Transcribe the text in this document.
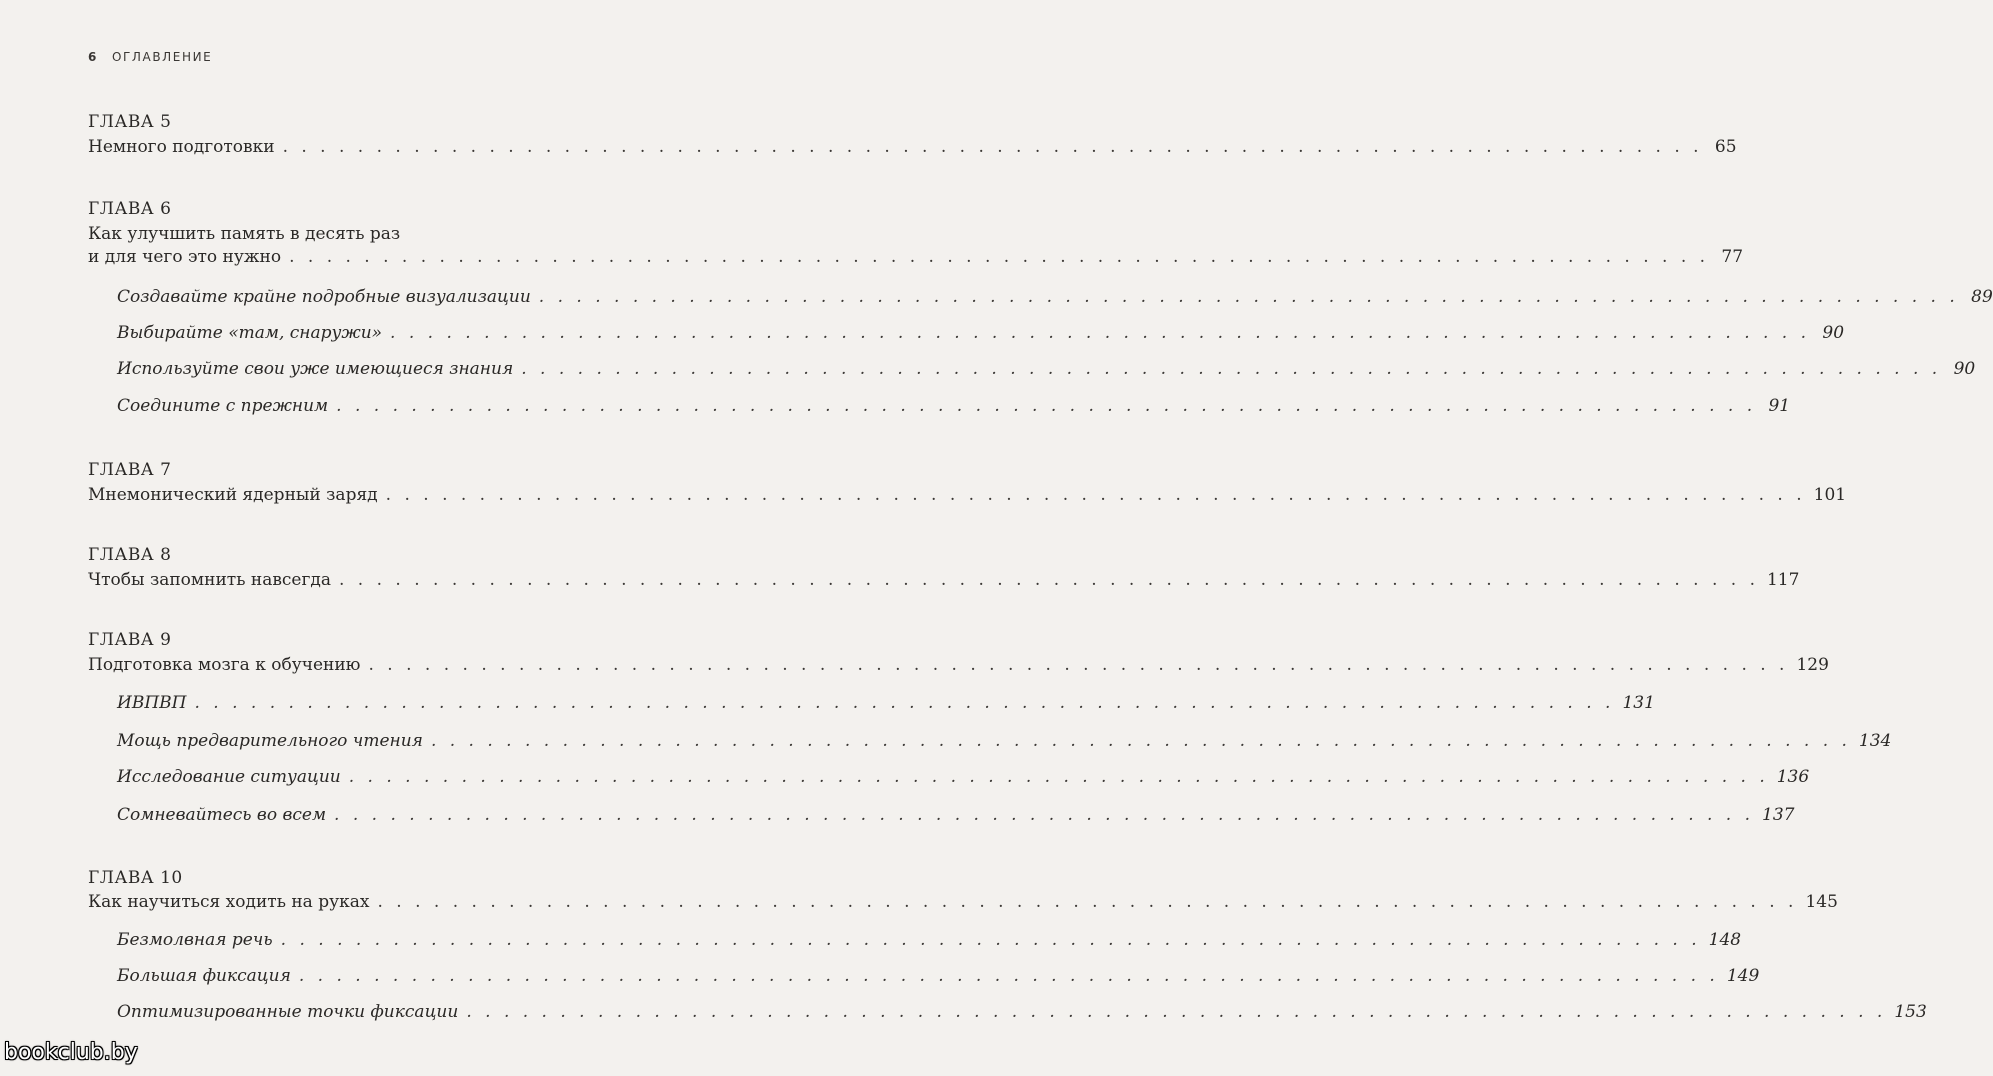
6 ОГЛАВЛЕНИЕ
ГЛАВА 5
Немного подготовки . . . . . . . . . . . . . . . . . . . . . . . . . . . . . . . . . . . . . . . . . . . . . . . . . . . . . . . . . . . . . . . . . . . . . . . . . . . . 65
ГЛАВА 6
Как улучшить память в десять раз
и для чего это нужно . . . . . . . . . . . . . . . . . . . . . . . . . . . . . . . . . . . . . . . . . . . . . . . . . . . . . . . . . . . . . . . . . . . . . . . . . . . . 77
Создавайте крайне подробные визуализации . . . . . . . . . . . . . . . . . . . . . . . . . . . . . . . . . . . . . . . . . . . . . . . . . . . . . . . . . . . . . . . . . . . . . . . . . . . . 89
Выбирайте «там, снаружи» . . . . . . . . . . . . . . . . . . . . . . . . . . . . . . . . . . . . . . . . . . . . . . . . . . . . . . . . . . . . . . . . . . . . . . . . . . . . 90
Используйте свои уже имеющиеся знания . . . . . . . . . . . . . . . . . . . . . . . . . . . . . . . . . . . . . . . . . . . . . . . . . . . . . . . . . . . . . . . . . . . . . . . . . . . . 90
Соедините с прежним . . . . . . . . . . . . . . . . . . . . . . . . . . . . . . . . . . . . . . . . . . . . . . . . . . . . . . . . . . . . . . . . . . . . . . . . . . . . 91
ГЛАВА 7
Мнемонический ядерный заряд . . . . . . . . . . . . . . . . . . . . . . . . . . . . . . . . . . . . . . . . . . . . . . . . . . . . . . . . . . . . . . . . . . . . . . . . . . . . 101
ГЛАВА 8
Чтобы запомнить навсегда . . . . . . . . . . . . . . . . . . . . . . . . . . . . . . . . . . . . . . . . . . . . . . . . . . . . . . . . . . . . . . . . . . . . . . . . . . . . 117
ГЛАВА 9
Подготовка мозга к обучению . . . . . . . . . . . . . . . . . . . . . . . . . . . . . . . . . . . . . . . . . . . . . . . . . . . . . . . . . . . . . . . . . . . . . . . . . . . . 129
ИВПВП . . . . . . . . . . . . . . . . . . . . . . . . . . . . . . . . . . . . . . . . . . . . . . . . . . . . . . . . . . . . . . . . . . . . . . . . . . . . 131
Мощь предварительного чтения . . . . . . . . . . . . . . . . . . . . . . . . . . . . . . . . . . . . . . . . . . . . . . . . . . . . . . . . . . . . . . . . . . . . . . . . . . . . 134
Исследование ситуации . . . . . . . . . . . . . . . . . . . . . . . . . . . . . . . . . . . . . . . . . . . . . . . . . . . . . . . . . . . . . . . . . . . . . . . . . . . . 136
Сомневайтесь во всем . . . . . . . . . . . . . . . . . . . . . . . . . . . . . . . . . . . . . . . . . . . . . . . . . . . . . . . . . . . . . . . . . . . . . . . . . . . . 137
ГЛАВА 10
Как научиться ходить на руках . . . . . . . . . . . . . . . . . . . . . . . . . . . . . . . . . . . . . . . . . . . . . . . . . . . . . . . . . . . . . . . . . . . . . . . . . . . . 145
Безмолвная речь . . . . . . . . . . . . . . . . . . . . . . . . . . . . . . . . . . . . . . . . . . . . . . . . . . . . . . . . . . . . . . . . . . . . . . . . . . . . 148
Большая фиксация . . . . . . . . . . . . . . . . . . . . . . . . . . . . . . . . . . . . . . . . . . . . . . . . . . . . . . . . . . . . . . . . . . . . . . . . . . . . 149
Оптимизированные точки фиксации . . . . . . . . . . . . . . . . . . . . . . . . . . . . . . . . . . . . . . . . . . . . . . . . . . . . . . . . . . . . . . . . . . . . . . . . . . . . 153
bookclub.by
